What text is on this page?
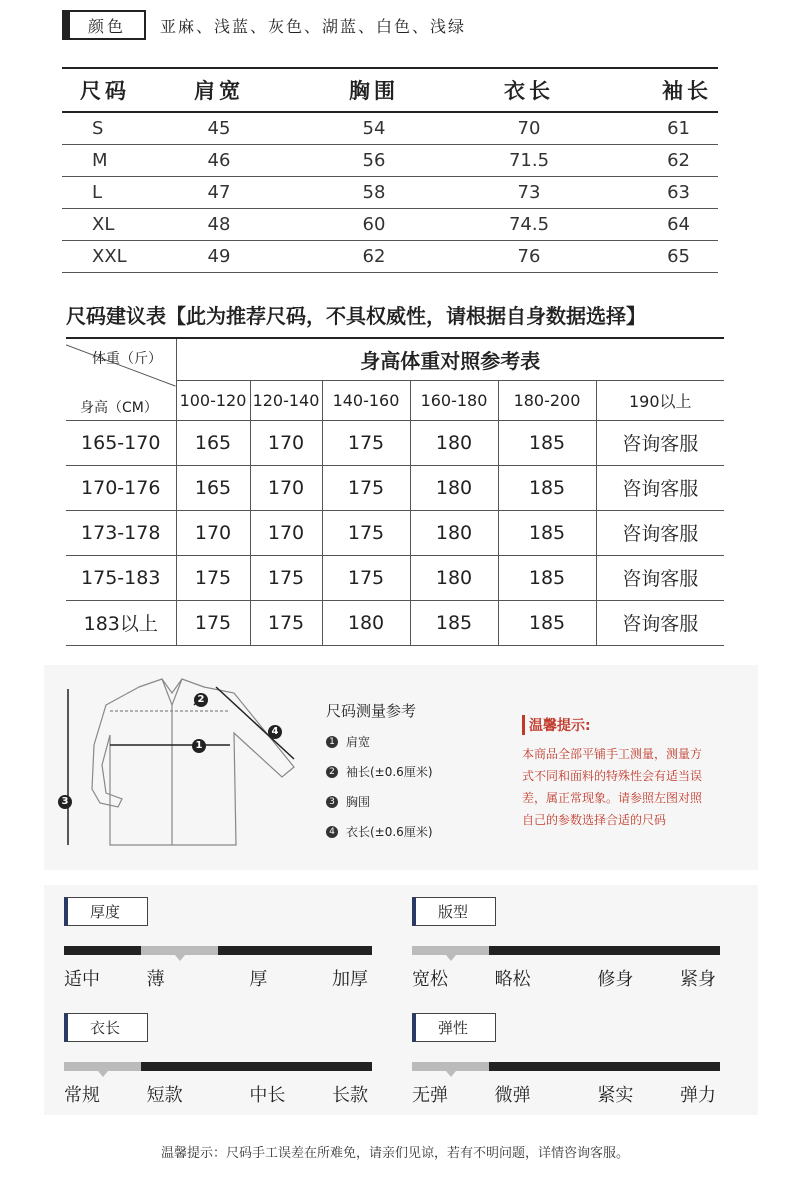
颜色	亚麻、浅蓝、灰色、湖蓝、白色、浅绿
尺码	肩宽	胸围	衣长	袖长
S	45	54	70	61
M	46	56	71.5	62
L	47	58	73	63
XL	48	60	74.5	64
XXL	49	62	76	65
尺码建议表【此为推荐尺码，不具权威性，请根据自身数据选择】
体重（斤）
身高（CM）	身高体重对照参考表					
	100-120	120-140	140-160	160-180	180-200	190以上
165-170	165	170	175	180	185	咨询客服
170-176	165	170	175	180	185	咨询客服
173-178	170	170	175	180	185	咨询客服
175-183	175	175	175	180	185	咨询客服
183以上	175	175	180	185	185	咨询客服
1
2
3
4
尺码测量参考
1 肩宽
2 袖长(±0.6厘米)
3 胸围
4 衣长(±0.6厘米)
温馨提示:
本商品全部平铺手工测量，测量方
式不同和面料的特殊性会有适当误
差，属正常现象。请参照左图对照
自己的参数选择合适的尺码
厚度
适中	薄	厚	加厚
版型
宽松	略松	修身	紧身
衣长
常规	短款	中长	长款
弹性
无弹	微弹	紧实	弹力
温馨提示：尺码手工误差在所难免，请亲们见谅，若有不明问题，详情咨询客服。
